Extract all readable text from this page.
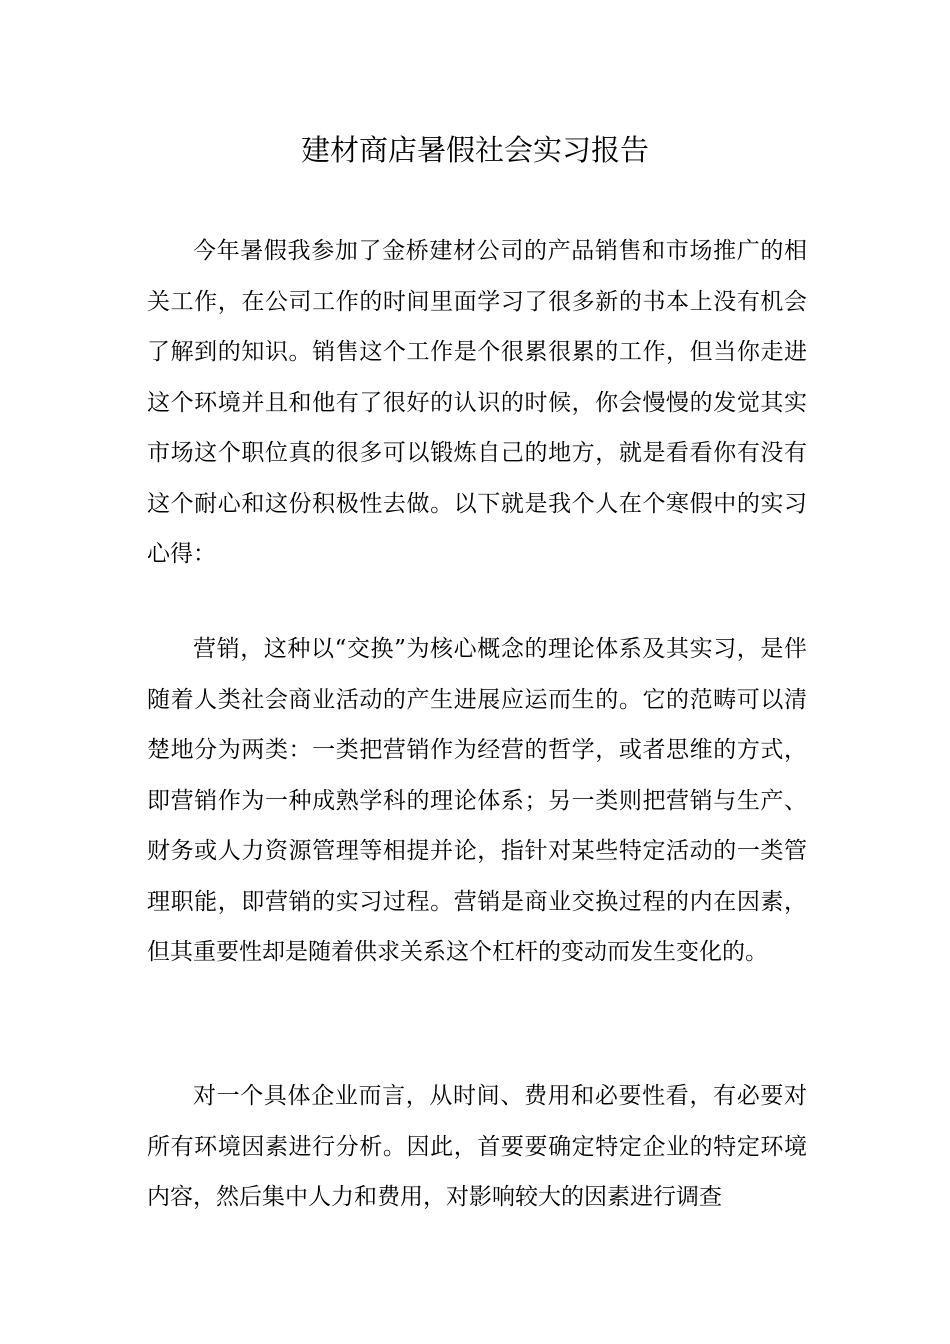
建材商店暑假社会实习报告

今年暑假我参加了金桥建材公司的产品销售和市场推广的相关工作，在公司工作的时间里面学习了很多新的书本上没有机会了解到的知识。销售这个工作是个很累很累的工作，但当你走进这个环境并且和他有了很好的认识的时候，你会慢慢的发觉其实市场这个职位真的很多可以锻炼自己的地方，就是看看你有没有这个耐心和这份积极性去做。以下就是我个人在个寒假中的实习心得：

营销，这种以“交换”为核心概念的理论体系及其实习，是伴随着人类社会商业活动的产生进展应运而生的。它的范畴可以清楚地分为两类：一类把营销作为经营的哲学，或者思维的方式，即营销作为一种成熟学科的理论体系；另一类则把营销与生产、财务或人力资源管理等相提并论，指针对某些特定活动的一类管理职能，即营销的实习过程。营销是商业交换过程的内在因素，但其重要性却是随着供求关系这个杠杆的变动而发生变化的。

对一个具体企业而言，从时间、费用和必要性看，有必要对所有环境因素进行分析。因此，首要要确定特定企业的特定环境内容，然后集中人力和费用，对影响较大的因素进行调查
